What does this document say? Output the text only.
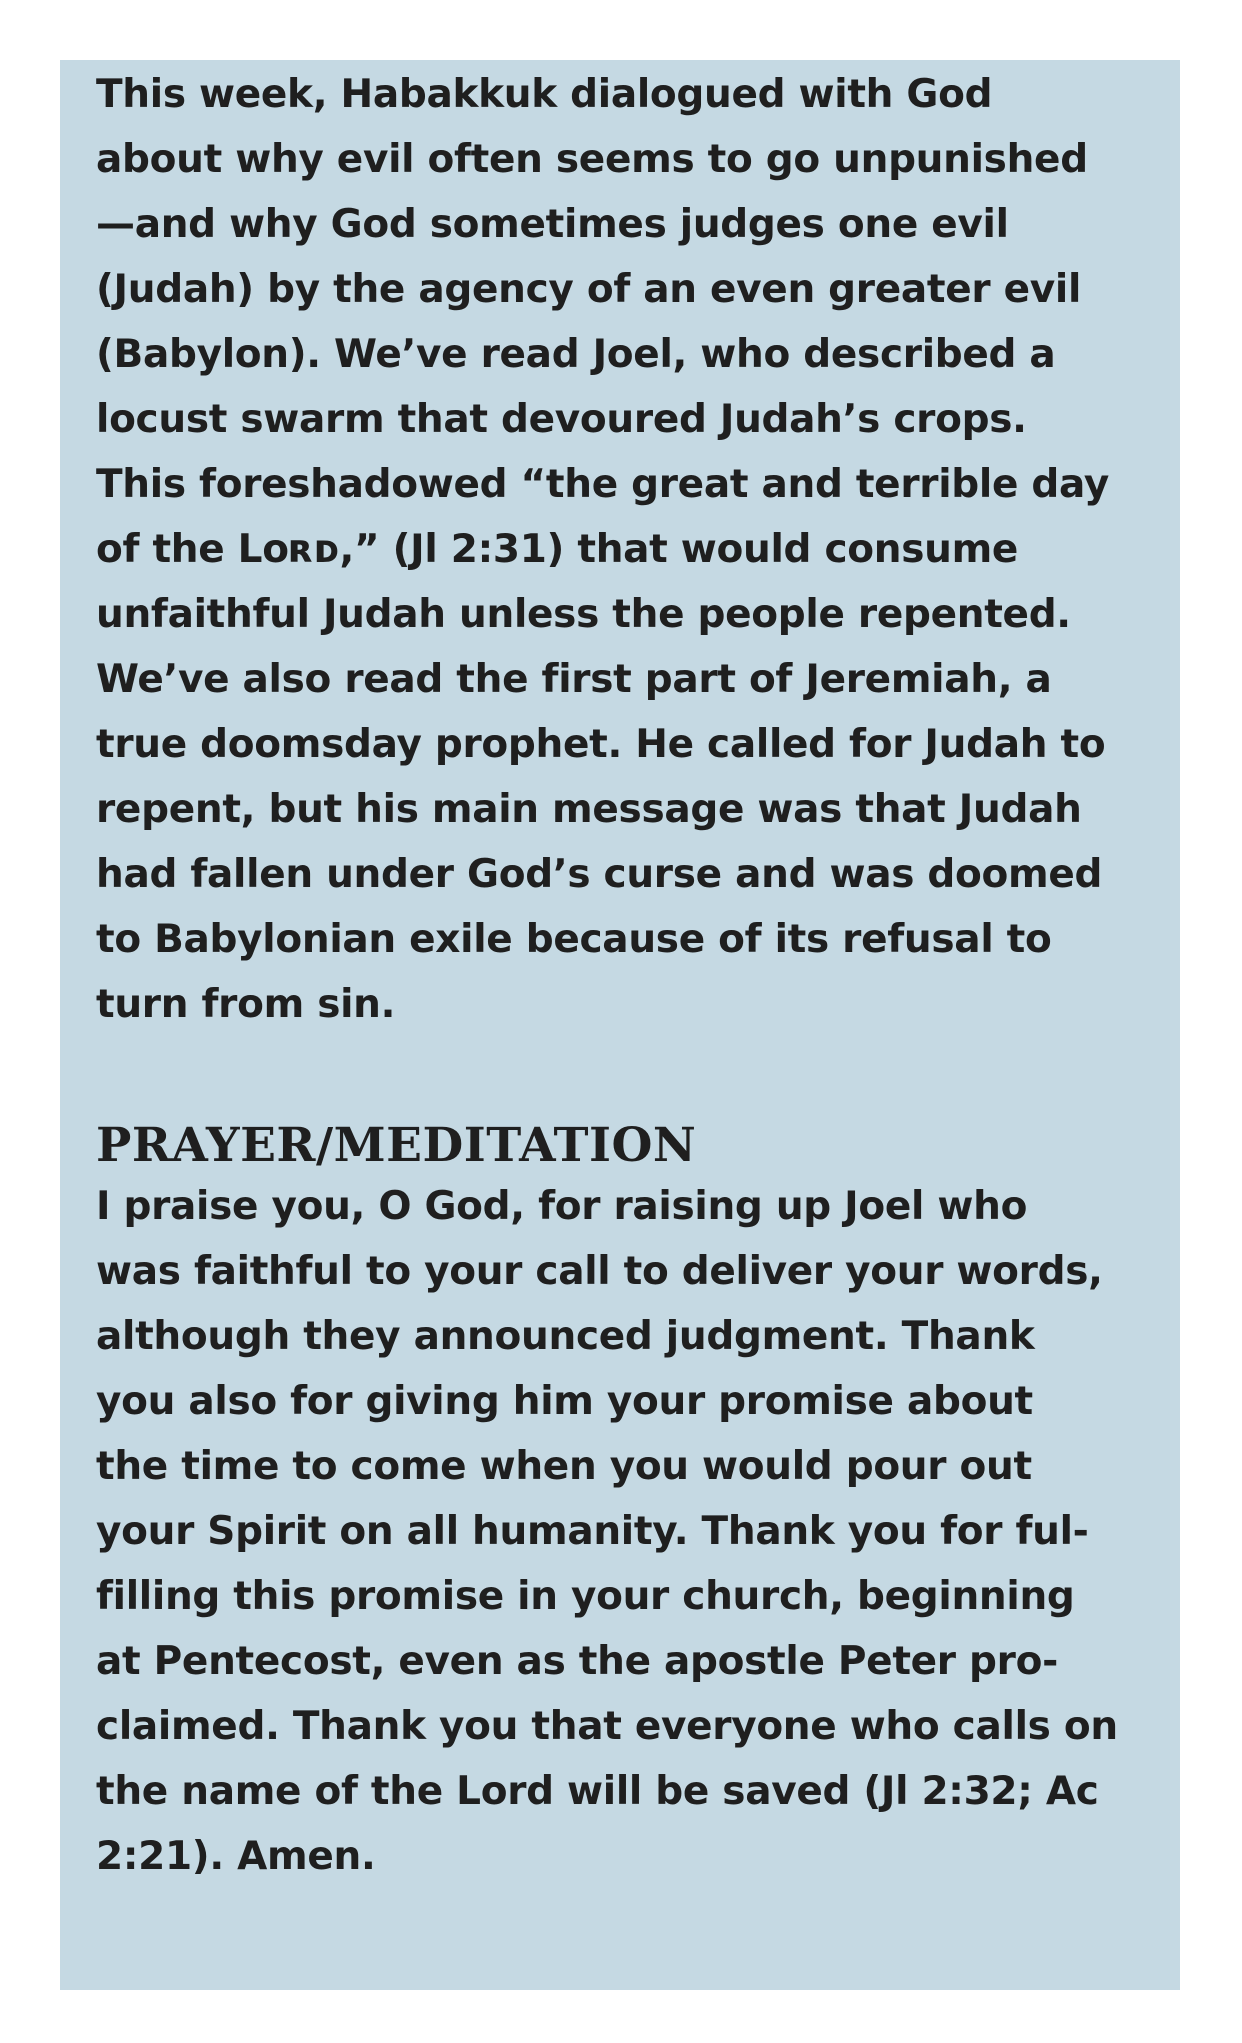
This week, Habakkuk dialogued with God

about why evil often seems to go unpunished

—and why God sometimes judges one evil

(Judah) by the agency of an even greater evil

(Babylon). We’ve read Joel, who described a

locust swarm that devoured Judah’s crops.

This foreshadowed “the great and terrible day

of the Lᴏʀᴅ,” (Jl 2:31) that would consume

unfaithful Judah unless the people repented.

We’ve also read the first part of Jeremiah, a

true doomsday prophet. He called for Judah to

repent, but his main message was that Judah

had fallen under God’s curse and was doomed

to Babylonian exile because of its refusal to

turn from sin.

PRAYER/MEDITATION

I praise you, O God, for raising up Joel who

was faithful to your call to deliver your words,

although they announced judgment. Thank

you also for giving him your promise about

the time to come when you would pour out

your Spirit on all humanity. Thank you for ful-

filling this promise in your church, beginning

at Pentecost, even as the apostle Peter pro-

claimed. Thank you that everyone who calls on

the name of the Lord will be saved (Jl 2:32; Ac

2:21). Amen.
